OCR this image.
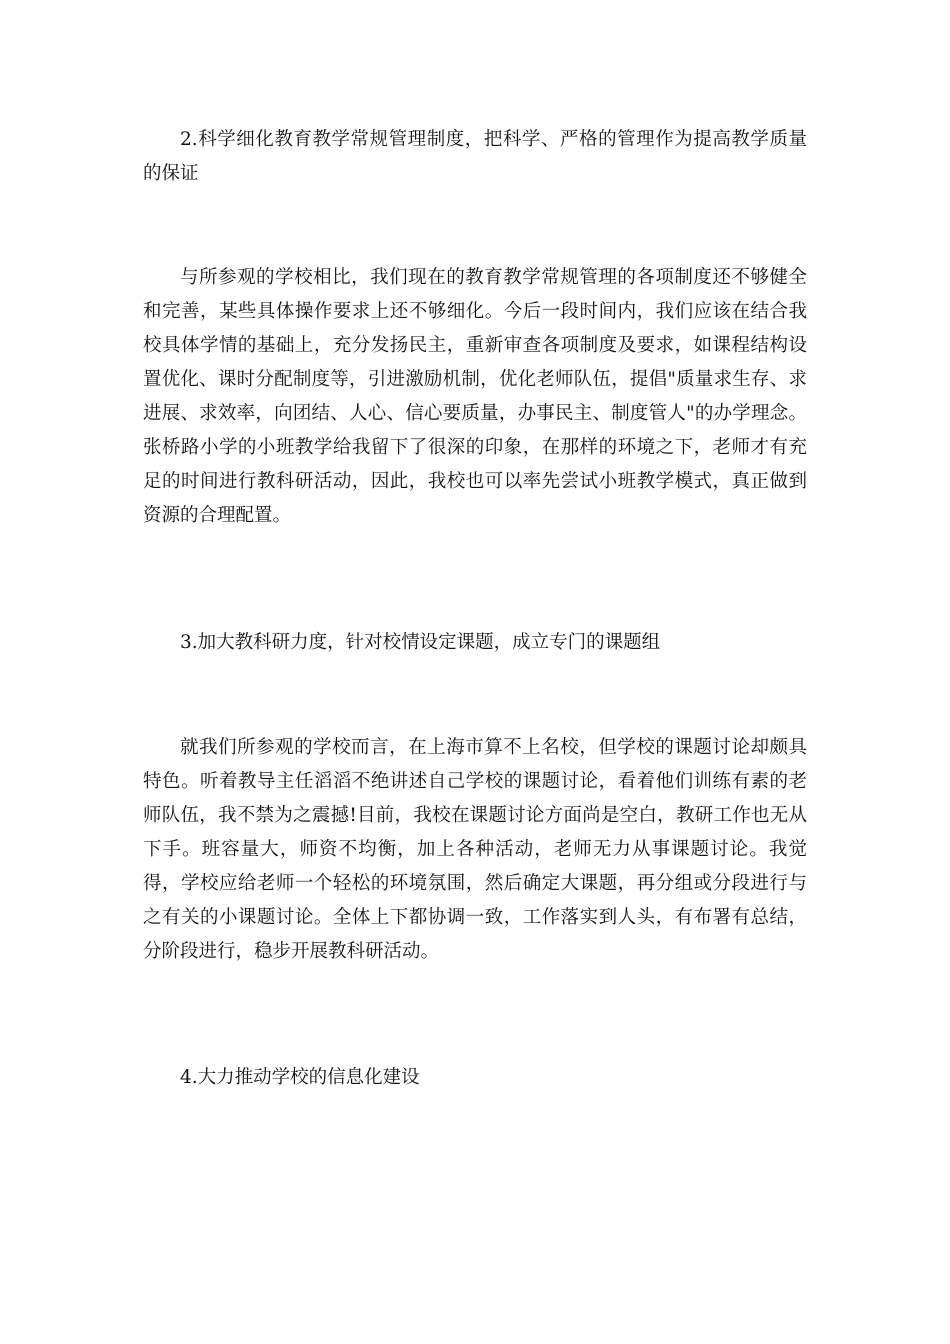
2.科学细化教育教学常规管理制度，把科学、严格的管理作为提高教学质量的保证

与所参观的学校相比，我们现在的教育教学常规管理的各项制度还不够健全和完善，某些具体操作要求上还不够细化。今后一段时间内，我们应该在结合我校具体学情的基础上，充分发扬民主，重新审查各项制度及要求，如课程结构设置优化、课时分配制度等，引进激励机制，优化老师队伍，提倡"质量求生存、求进展、求效率，向团结、人心、信心要质量，办事民主、制度管人"的办学理念。张桥路小学的小班教学给我留下了很深的印象，在那样的环境之下，老师才有充足的时间进行教科研活动，因此，我校也可以率先尝试小班教学模式，真正做到资源的合理配置。

3.加大教科研力度，针对校情设定课题，成立专门的课题组

就我们所参观的学校而言，在上海市算不上名校，但学校的课题讨论却颇具特色。听着教导主任滔滔不绝讲述自己学校的课题讨论，看着他们训练有素的老师队伍，我不禁为之震撼!目前，我校在课题讨论方面尚是空白，教研工作也无从下手。班容量大，师资不均衡，加上各种活动，老师无力从事课题讨论。我觉得，学校应给老师一个轻松的环境氛围，然后确定大课题，再分组或分段进行与之有关的小课题讨论。全体上下都协调一致，工作落实到人头，有布署有总结，分阶段进行，稳步开展教科研活动。

4.大力推动学校的信息化建设
